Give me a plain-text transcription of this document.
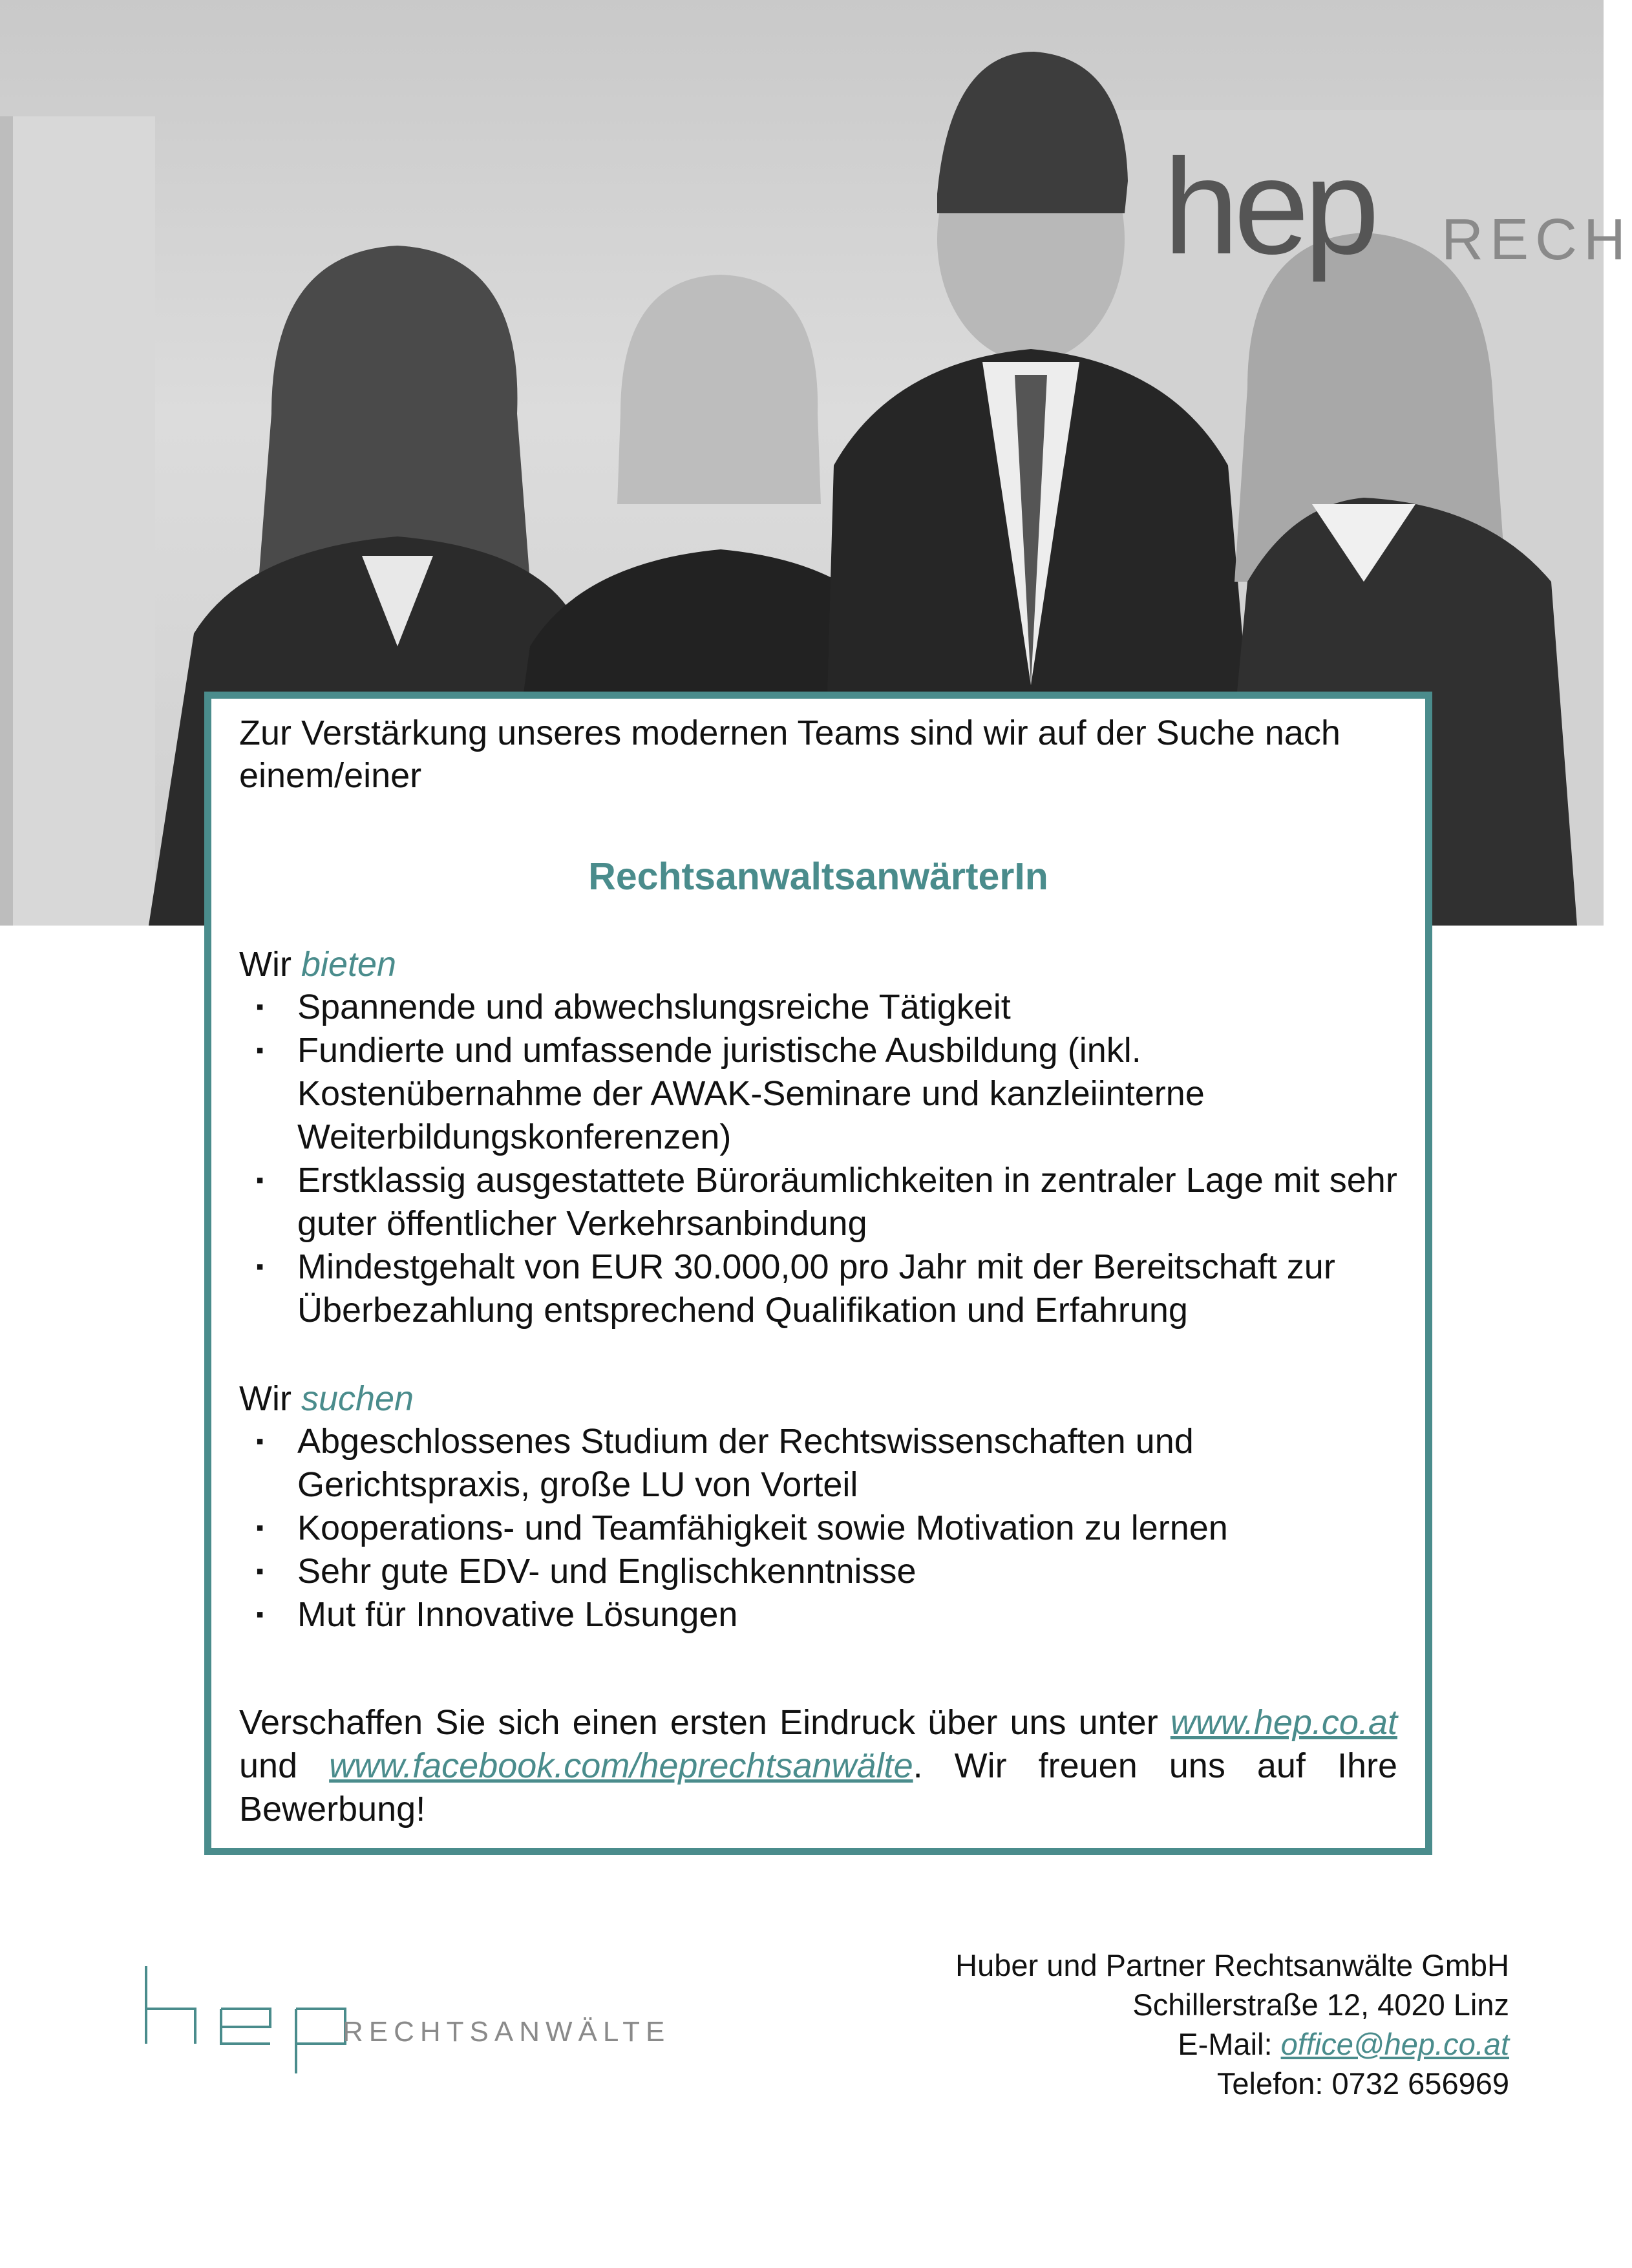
hep RECH

Zur Verstärkung unseres modernen Teams sind wir auf der Suche nach einem/einer

RechtsanwaltsanwärterIn

Wir bieten

▪ Spannende und abwechslungsreiche Tätigkeit
▪ Fundierte und umfassende juristische Ausbildung (inkl. Kostenübernahme der AWAK-Seminare und kanzleiinterne Weiterbildungskonferenzen)
▪ Erstklassig ausgestattete Büroräumlichkeiten in zentraler Lage mit sehr guter öffentlicher Verkehrsanbindung
▪ Mindestgehalt von EUR 30.000,00 pro Jahr mit der Bereitschaft zur Überbezahlung entsprechend Qualifikation und Erfahrung

Wir suchen

▪ Abgeschlossenes Studium der Rechtswissenschaften und Gerichtspraxis, große LU von Vorteil
▪ Kooperations- und Teamfähigkeit sowie Motivation zu lernen
▪ Sehr gute EDV- und Englischkenntnisse
▪ Mut für Innovative Lösungen

Verschaffen Sie sich einen ersten Eindruck über uns unter www.hep.co.at und www.facebook.com/heprechtsanwälte. Wir freuen uns auf Ihre Bewerbung!

RECHTSANWÄLTE
Huber und Partner Rechtsanwälte GmbH
Schillerstraße 12, 4020 Linz
E-Mail: office@hep.co.at
Telefon: 0732 656969
